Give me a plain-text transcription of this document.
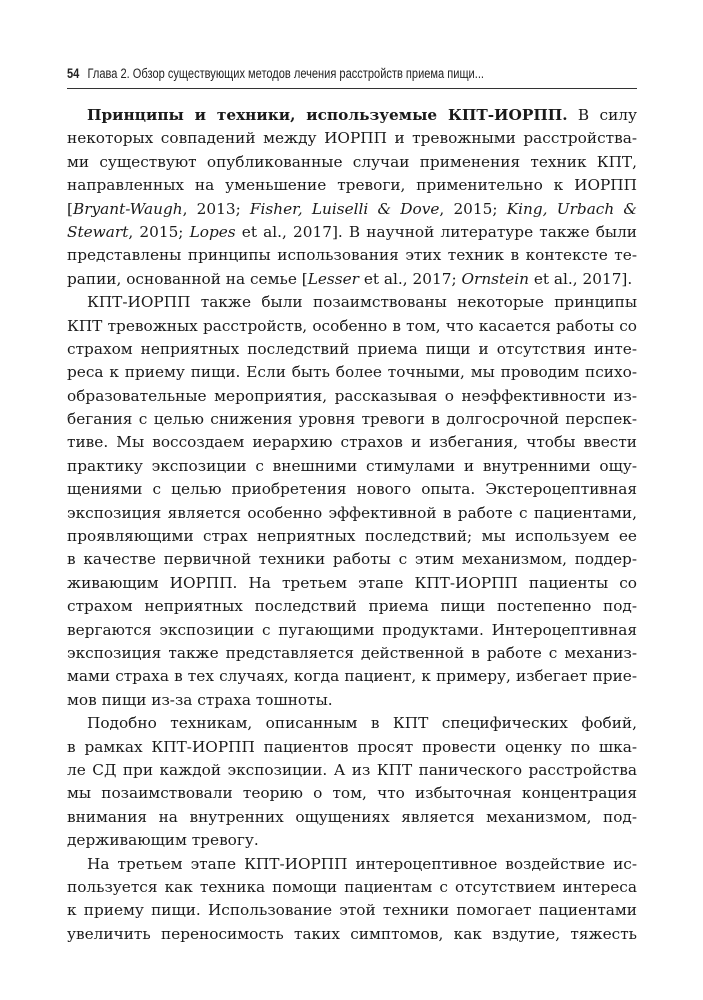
54 Глава 2. Обзор существующих методов лечения расстройств приема пищи...
Принципы и техники, используемые КПТ-ИОРПП. В силу
некоторых совпадений между ИОРПП и тревожными расстройства-
ми существуют опубликованные случаи применения техник КПТ,
направленных на уменьшение тревоги, применительно к ИОРПП
[Bryant-Waugh, 2013; Fisher, Luiselli & Dove, 2015; King, Urbach &
Stewart, 2015; Lopes et al., 2017]. В научной литературе также были
представлены принципы использования этих техник в контексте те-
рапии, основанной на семье [Lesser et al., 2017; Ornstein et al., 2017].
КПТ-ИОРПП также были позаимствованы некоторые принципы
КПТ тревожных расстройств, особенно в том, что касается работы со
страхом неприятных последствий приема пищи и отсутствия инте-
реса к приему пищи. Если быть более точными, мы проводим психо-
образовательные мероприятия, рассказывая о неэффективности из-
бегания с целью снижения уровня тревоги в долгосрочной перспек-
тиве. Мы воссоздаем иерархию страхов и избегания, чтобы ввести
практику экспозиции с внешними стимулами и внутренними ощу-
щениями с целью приобретения нового опыта. Экстероцептивная
экспозиция является особенно эффективной в работе с пациентами,
проявляющими страх неприятных последствий; мы используем ее
в качестве первичной техники работы с этим механизмом, поддер-
живающим ИОРПП. На третьем этапе КПТ-ИОРПП пациенты со
страхом неприятных последствий приема пищи постепенно под-
вергаются экспозиции с пугающими продуктами. Интероцептивная
экспозиция также представляется действенной в работе с механиз-
мами страха в тех случаях, когда пациент, к примеру, избегает прие-
мов пищи из-за страха тошноты.
Подобно техникам, описанным в КПТ специфических фобий,
в рамках КПТ-ИОРПП пациентов просят провести оценку по шка-
ле СД при каждой экспозиции. А из КПТ панического расстройства
мы позаимствовали теорию о том, что избыточная концентрация
внимания на внутренних ощущениях является механизмом, под-
держивающим тревогу.
На третьем этапе КПТ-ИОРПП интероцептивное воздействие ис-
пользуется как техника помощи пациентам с отсутствием интереса
к приему пищи. Использование этой техники помогает пациентами
увеличить переносимость таких симптомов, как вздутие, тяжесть
